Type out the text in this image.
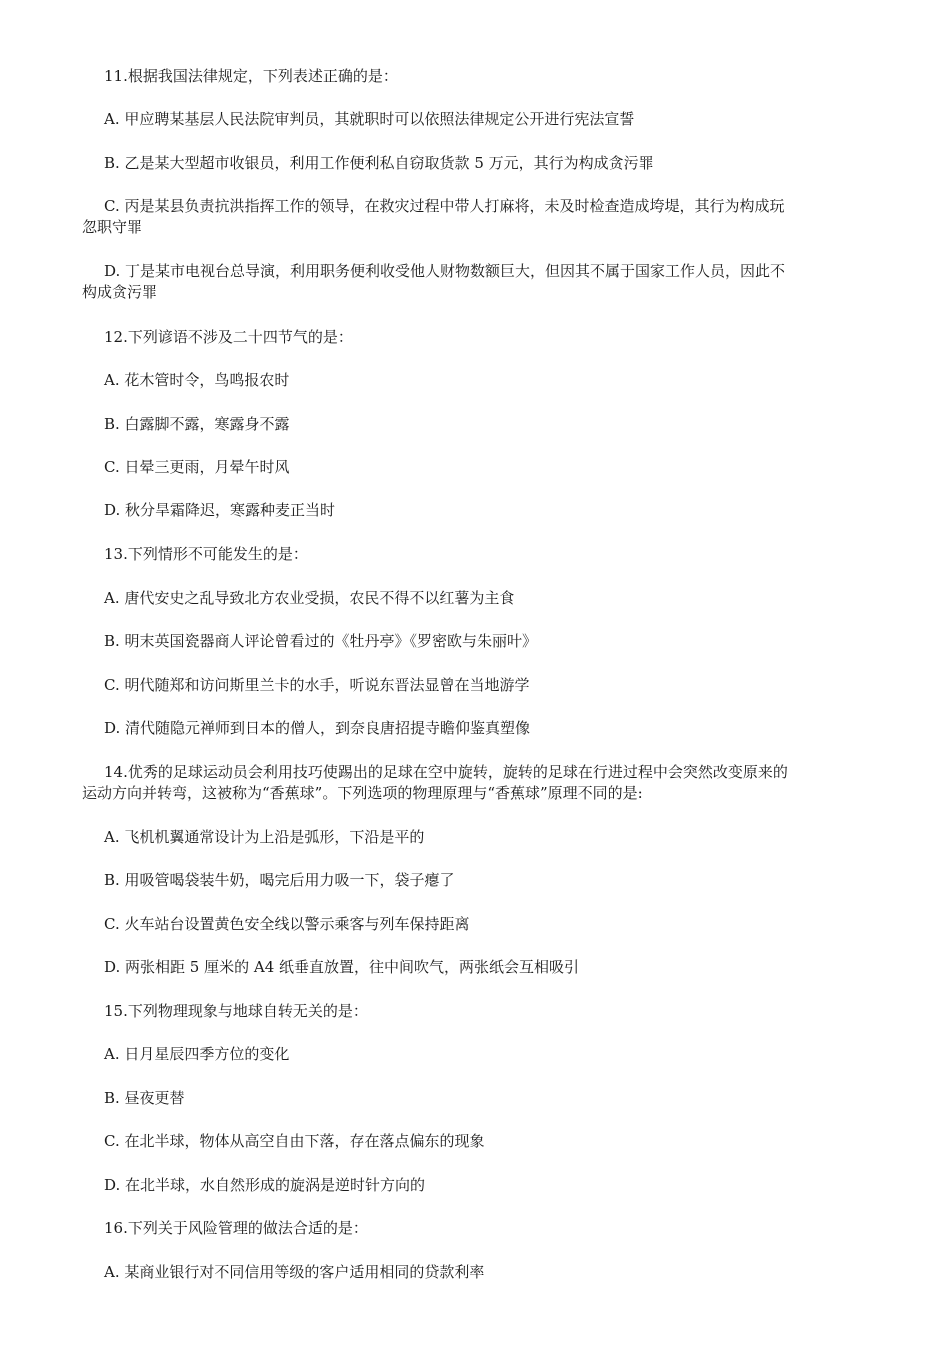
11.根据我国法律规定，下列表述正确的是：
A. 甲应聘某基层人民法院审判员，其就职时可以依照法律规定公开进行宪法宣誓
B. 乙是某大型超市收银员，利用工作便利私自窃取货款 5 万元，其行为构成贪污罪
C. 丙是某县负责抗洪指挥工作的领导，在救灾过程中带人打麻将，未及时检查造成垮堤，其行为构成玩
忽职守罪
D. 丁是某市电视台总导演，利用职务便利收受他人财物数额巨大，但因其不属于国家工作人员，因此不
构成贪污罪
12.下列谚语不涉及二十四节气的是：
A. 花木管时令，鸟鸣报农时
B. 白露脚不露，寒露身不露
C. 日晕三更雨，月晕午时风
D. 秋分旱霜降迟，寒露种麦正当时
13.下列情形不可能发生的是：
A. 唐代安史之乱导致北方农业受损，农民不得不以红薯为主食
B. 明末英国瓷器商人评论曾看过的《牡丹亭》《罗密欧与朱丽叶》
C. 明代随郑和访问斯里兰卡的水手，听说东晋法显曾在当地游学
D. 清代随隐元禅师到日本的僧人，到奈良唐招提寺瞻仰鉴真塑像
14.优秀的足球运动员会利用技巧使踢出的足球在空中旋转，旋转的足球在行进过程中会突然改变原来的
运动方向并转弯，这被称为“香蕉球”。下列选项的物理原理与“香蕉球”原理不同的是:
A. 飞机机翼通常设计为上沿是弧形，下沿是平的
B. 用吸管喝袋装牛奶，喝完后用力吸一下，袋子瘪了
C. 火车站台设置黄色安全线以警示乘客与列车保持距离
D. 两张相距 5 厘米的 A4 纸垂直放置，往中间吹气，两张纸会互相吸引
15.下列物理现象与地球自转无关的是：
A. 日月星辰四季方位的变化
B. 昼夜更替
C. 在北半球，物体从高空自由下落，存在落点偏东的现象
D. 在北半球，水自然形成的旋涡是逆时针方向的
16.下列关于风险管理的做法合适的是：
A. 某商业银行对不同信用等级的客户适用相同的贷款利率
